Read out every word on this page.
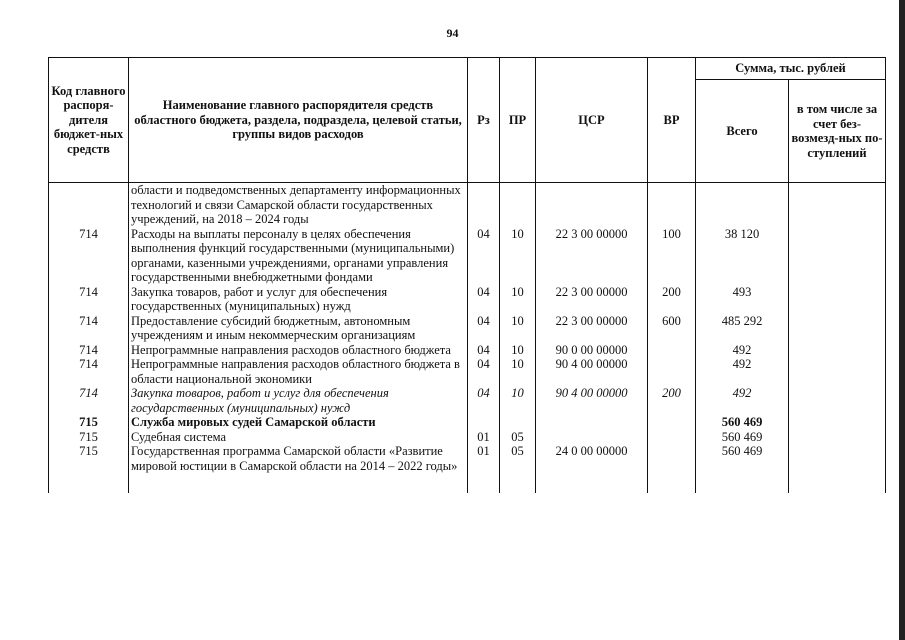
94
Код главного распоря-дителя бюджет-ных средств	Наименование главного распорядителя средств областного бюджета, раздела, подраздела, целевой статьи, группы видов расходов	Рз	ПР	ЦСР	ВР	Сумма, тыс. рублей	
						Всего	в том числе за счет без-возмезд-ных по-ступлений
	области и подведомственных департаменту информационных технологий и связи Самарской области государственных учреждений, на 2018 – 2024 годы						
714	Расходы на выплаты персоналу в целях обеспечения выполнения функций государственными (муниципальными) органами, казенными учреждениями, органами управления государственными внебюджетными фондами	04	10	22 3 00 00000	100	38 120	
714	Закупка товаров, работ и услуг для обеспечения государственных (муниципальных) нужд	04	10	22 3 00 00000	200	493	
714	Предоставление субсидий бюджетным, автономным учреждениям и иным некоммерческим организациям	04	10	22 3 00 00000	600	485 292	
714	Непрограммные направления расходов областного бюджета	04	10	90 0 00 00000		492	
714	Непрограммные направления расходов областного бюджета в области национальной экономики	04	10	90 4 00 00000		492	
714	Закупка товаров, работ и услуг для обеспечения государственных (муниципальных) нужд	04	10	90 4 00 00000	200	492	
715	Служба мировых судей Самарской области					560 469	
715	Судебная система	01	05			560 469	
715	Государственная программа Самарской области «Развитие мировой юстиции в Самарской области на 2014 – 2022 годы»	01	05	24 0 00 00000		560 469	
